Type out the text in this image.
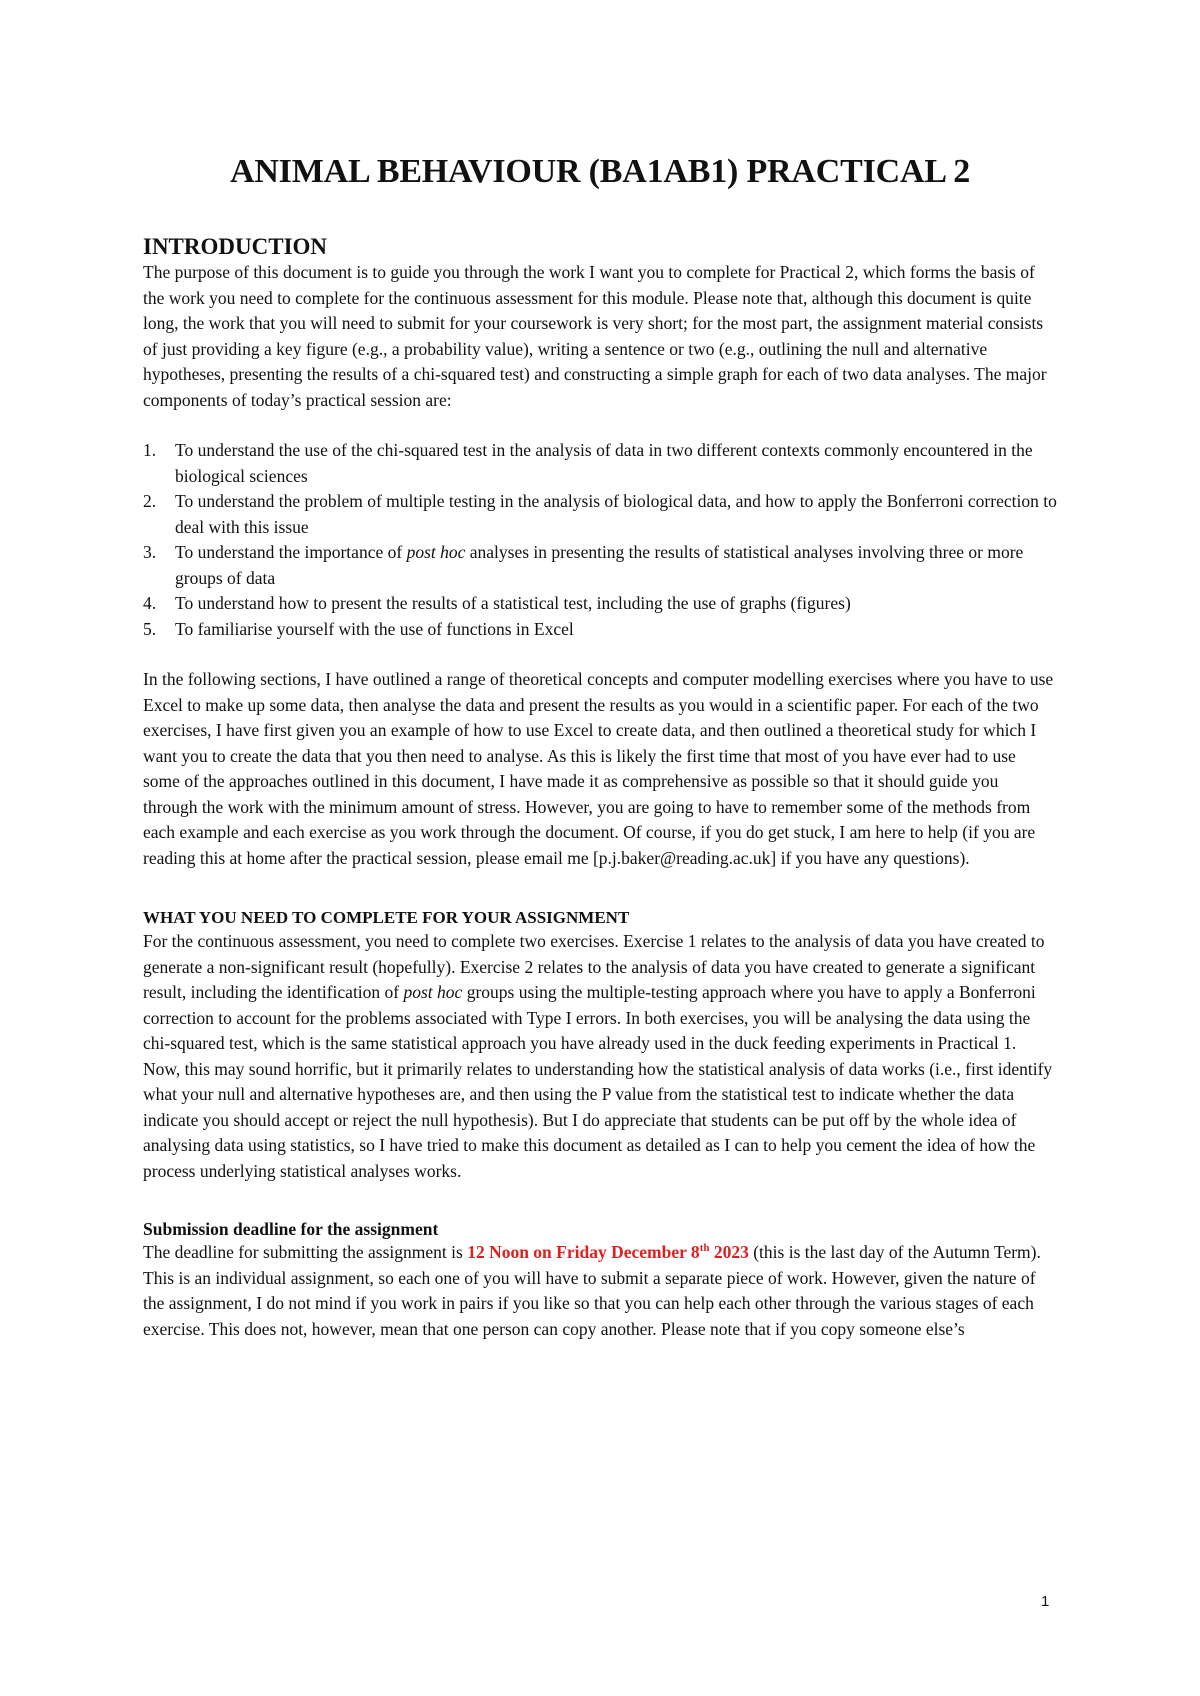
ANIMAL BEHAVIOUR (BA1AB1) PRACTICAL 2
INTRODUCTION

The purpose of this document is to guide you through the work I want you to complete for Practical 2, which forms the basis of the work you need to complete for the continuous assessment for this module. Please note that, although this document is quite long, the work that you will need to submit for your coursework is very short; for the most part, the assignment material consists of just providing a key figure (e.g., a probability value), writing a sentence or two (e.g., outlining the null and alternative hypotheses, presenting the results of a chi-squared test) and constructing a simple graph for each of two data analyses. The major components of today’s practical session are:

1.	To understand the use of the chi-squared test in the analysis of data in two different contexts commonly encountered in the biological sciences
2.	To understand the problem of multiple testing in the analysis of biological data, and how to apply the Bonferroni correction to deal with this issue
3.	To understand the importance of post hoc analyses in presenting the results of statistical analyses involving three or more groups of data
4.	To understand how to present the results of a statistical test, including the use of graphs (figures)
5.	To familiarise yourself with the use of functions in Excel

In the following sections, I have outlined a range of theoretical concepts and computer modelling exercises where you have to use Excel to make up some data, then analyse the data and present the results as you would in a scientific paper. For each of the two exercises, I have first given you an example of how to use Excel to create data, and then outlined a theoretical study for which I want you to create the data that you then need to analyse. As this is likely the first time that most of you have ever had to use some of the approaches outlined in this document, I have made it as comprehensive as possible so that it should guide you through the work with the minimum amount of stress. However, you are going to have to remember some of the methods from each example and each exercise as you work through the document. Of course, if you do get stuck, I am here to help (if you are reading this at home after the practical session, please email me [p.j.baker@reading.ac.uk] if you have any questions).

WHAT YOU NEED TO COMPLETE FOR YOUR ASSIGNMENT

For the continuous assessment, you need to complete two exercises. Exercise 1 relates to the analysis of data you have created to generate a non-significant result (hopefully). Exercise 2 relates to the analysis of data you have created to generate a significant result, including the identification of post hoc groups using the multiple-testing approach where you have to apply a Bonferroni correction to account for the problems associated with Type I errors. In both exercises, you will be analysing the data using the chi-squared test, which is the same statistical approach you have already used in the duck feeding experiments in Practical 1. Now, this may sound horrific, but it primarily relates to understanding how the statistical analysis of data works (i.e., first identify what your null and alternative hypotheses are, and then using the P value from the statistical test to indicate whether the data indicate you should accept or reject the null hypothesis). But I do appreciate that students can be put off by the whole idea of analysing data using statistics, so I have tried to make this document as detailed as I can to help you cement the idea of how the process underlying statistical analyses works.

Submission deadline for the assignment

The deadline for submitting the assignment is 12 Noon on Friday December 8th 2023 (this is the last day of the Autumn Term). This is an individual assignment, so each one of you will have to submit a separate piece of work. However, given the nature of the assignment, I do not mind if you work in pairs if you like so that you can help each other through the various stages of each exercise. This does not, however, mean that one person can copy another. Please note that if you copy someone else’s

1
